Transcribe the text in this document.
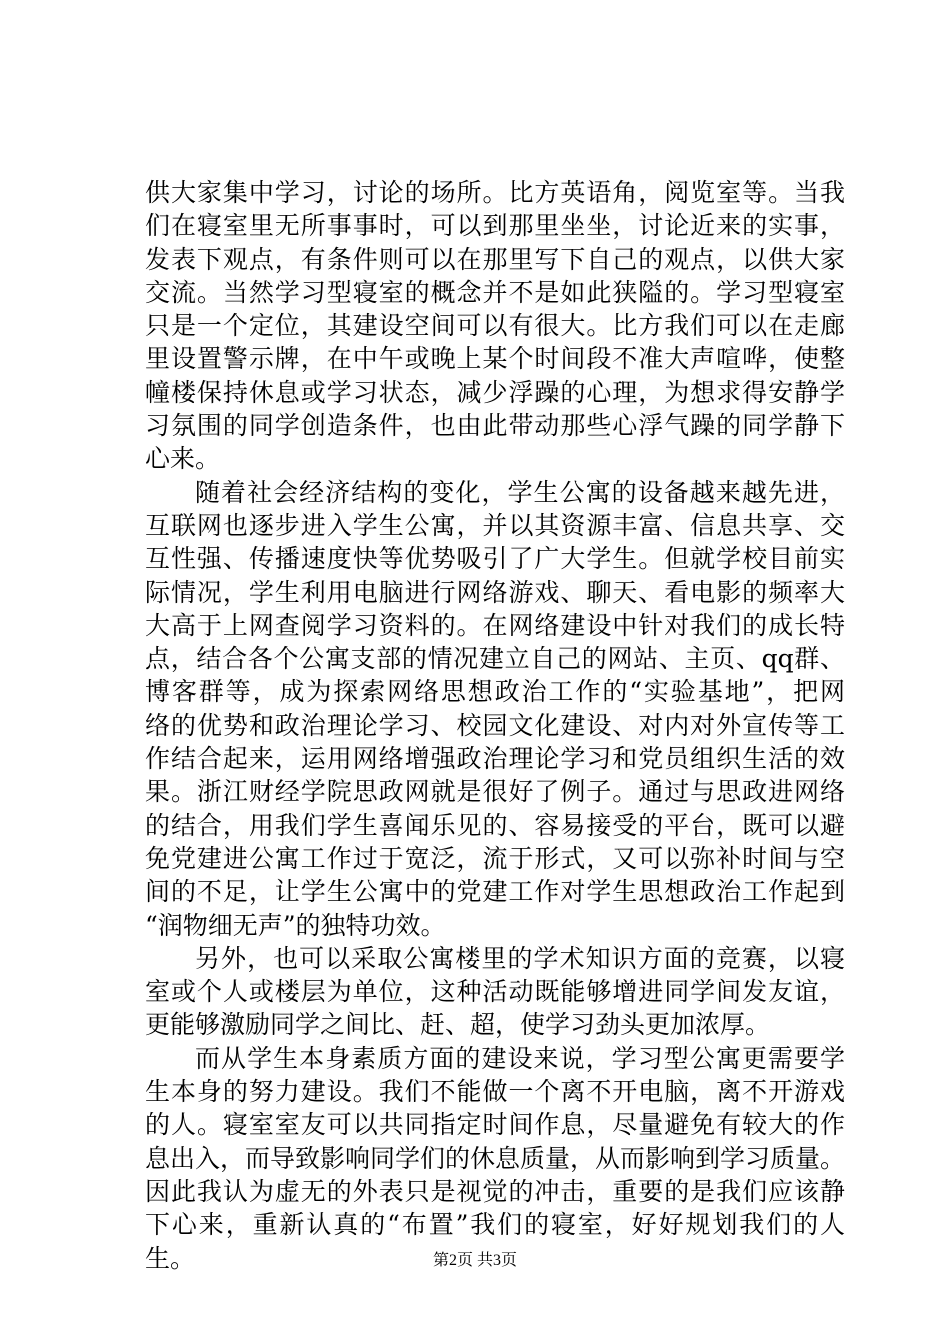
供大家集中学习，讨论的场所。比方英语角，阅览室等。当我
们在寝室里无所事事时，可以到那里坐坐，讨论近来的实事，
发表下观点，有条件则可以在那里写下自己的观点，以供大家
交流。当然学习型寝室的概念并不是如此狭隘的。学习型寝室
只是一个定位，其建设空间可以有很大。比方我们可以在走廊
里设置警示牌，在中午或晚上某个时间段不准大声喧哗，使整
幢楼保持休息或学习状态，减少浮躁的心理，为想求得安静学
习氛围的同学创造条件，也由此带动那些心浮气躁的同学静下
心来。
随着社会经济结构的变化，学生公寓的设备越来越先进，
互联网也逐步进入学生公寓，并以其资源丰富、信息共享、交
互性强、传播速度快等优势吸引了广大学生。但就学校目前实
际情况，学生利用电脑进行网络游戏、聊天、看电影的频率大
大高于上网查阅学习资料的。在网络建设中针对我们的成长特
点，结合各个公寓支部的情况建立自己的网站、主页、qq群、
博客群等，成为探索网络思想政治工作的“实验基地”，把网
络的优势和政治理论学习、校园文化建设、对内对外宣传等工
作结合起来，运用网络增强政治理论学习和党员组织生活的效
果。浙江财经学院思政网就是很好了例子。通过与思政进网络
的结合，用我们学生喜闻乐见的、容易接受的平台，既可以避
免党建进公寓工作过于宽泛，流于形式，又可以弥补时间与空
间的不足，让学生公寓中的党建工作对学生思想政治工作起到
“润物细无声”的独特功效。
另外，也可以采取公寓楼里的学术知识方面的竞赛，以寝
室或个人或楼层为单位，这种活动既能够增进同学间发友谊，
更能够激励同学之间比、赶、超，使学习劲头更加浓厚。
而从学生本身素质方面的建设来说，学习型公寓更需要学
生本身的努力建设。我们不能做一个离不开电脑，离不开游戏
的人。寝室室友可以共同指定时间作息，尽量避免有较大的作
息出入，而导致影响同学们的休息质量，从而影响到学习质量。
因此我认为虚无的外表只是视觉的冲击，重要的是我们应该静
下心来，重新认真的“布置”我们的寝室，好好规划我们的人
生。	第2页 共3页
